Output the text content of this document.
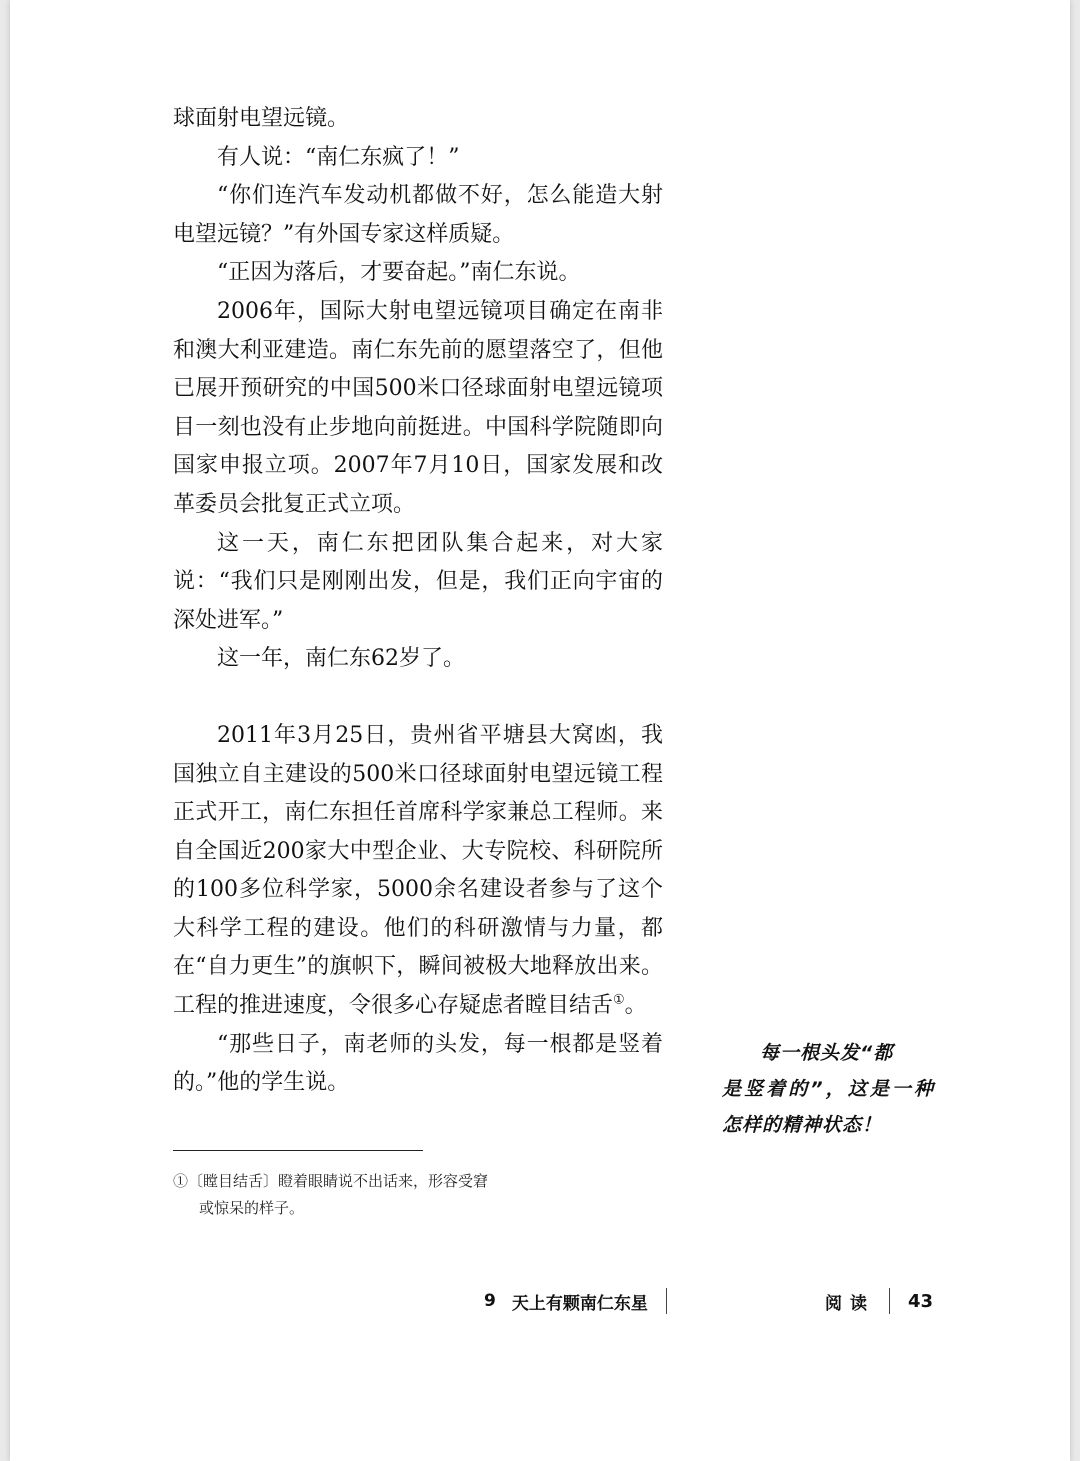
球面射电望远镜。

有人说：“南仁东疯了！”

“你们连汽车发动机都做不好，怎么能造大射电望远镜？”有外国专家这样质疑。

“正因为落后，才要奋起。”南仁东说。

2006年，国际大射电望远镜项目确定在南非和澳大利亚建造。南仁东先前的愿望落空了，但他已展开预研究的中国500米口径球面射电望远镜项目一刻也没有止步地向前挺进。中国科学院随即向国家申报立项。2007年7月10日，国家发展和改革委员会批复正式立项。

这一天，南仁东把团队集合起来，对大家说：“我们只是刚刚出发，但是，我们正向宇宙的深处进军。”

这一年，南仁东62岁了。

2011年3月25日，贵州省平塘县大窝凼，我国独立自主建设的500米口径球面射电望远镜工程正式开工，南仁东担任首席科学家兼总工程师。来自全国近200家大中型企业、大专院校、科研院所的100多位科学家，5000余名建设者参与了这个大科学工程的建设。他们的科研激情与力量，都在“自力更生”的旗帜下，瞬间被极大地释放出来。工程的推进速度，令很多心存疑虑者瞠目结舌①。

“那些日子，南老师的头发，每一根都是竖着的。”他的学生说。

①〔瞠目结舌〕瞪着眼睛说不出话来，形容受窘
或惊呆的样子。
每一根头发“都
是竖着的”，这是一种怎样的精神状态！
9 天上有颗南仁东星	阅读 43
